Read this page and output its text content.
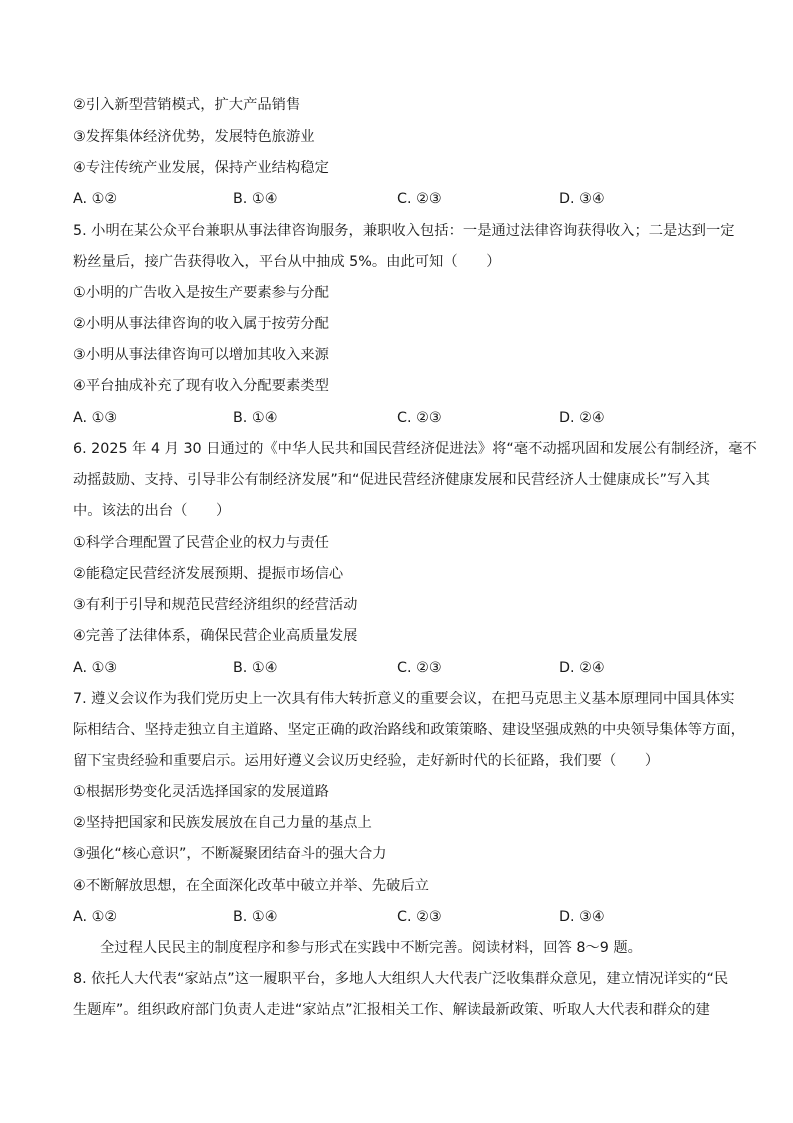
②引入新型营销模式，扩大产品销售
③发挥集体经济优势，发展特色旅游业
④专注传统产业发展，保持产业结构稳定
A. ①②	B. ①④	C. ②③	D. ③④
5. 小明在某公众平台兼职从事法律咨询服务，兼职收入包括：一是通过法律咨询获得收入；二是达到一定
粉丝量后，接广告获得收入，平台从中抽成 5%。由此可知（　　）
①小明的广告收入是按生产要素参与分配
②小明从事法律咨询的收入属于按劳分配
③小明从事法律咨询可以增加其收入来源
④平台抽成补充了现有收入分配要素类型
A. ①③	B. ①④	C. ②③	D. ②④
6. 2025 年 4 月 30 日通过的《中华人民共和国民营经济促进法》将“毫不动摇巩固和发展公有制经济，毫不
动摇鼓励、支持、引导非公有制经济发展”和“促进民营经济健康发展和民营经济人士健康成长”写入其
中。该法的出台（　　）
①科学合理配置了民营企业的权力与责任
②能稳定民营经济发展预期、提振市场信心
③有利于引导和规范民营经济组织的经营活动
④完善了法律体系，确保民营企业高质量发展
A. ①③	B. ①④	C. ②③	D. ②④
7. 遵义会议作为我们党历史上一次具有伟大转折意义的重要会议，在把马克思主义基本原理同中国具体实
际相结合、坚持走独立自主道路、坚定正确的政治路线和政策策略、建设坚强成熟的中央领导集体等方面，
留下宝贵经验和重要启示。运用好遵义会议历史经验，走好新时代的长征路，我们要（　　）
①根据形势变化灵活选择国家的发展道路
②坚持把国家和民族发展放在自己力量的基点上
③强化“核心意识”，不断凝聚团结奋斗的强大合力
④不断解放思想，在全面深化改革中破立并举、先破后立
A. ①②	B. ①④	C. ②③	D. ③④
全过程人民民主的制度程序和参与形式在实践中不断完善。阅读材料，回答 8～9 题。
8. 依托人大代表“家站点”这一履职平台，多地人大组织人大代表广泛收集群众意见，建立情况详实的“民
生题库”。组织政府部门负责人走进“家站点”汇报相关工作、解读最新政策、听取人大代表和群众的建
